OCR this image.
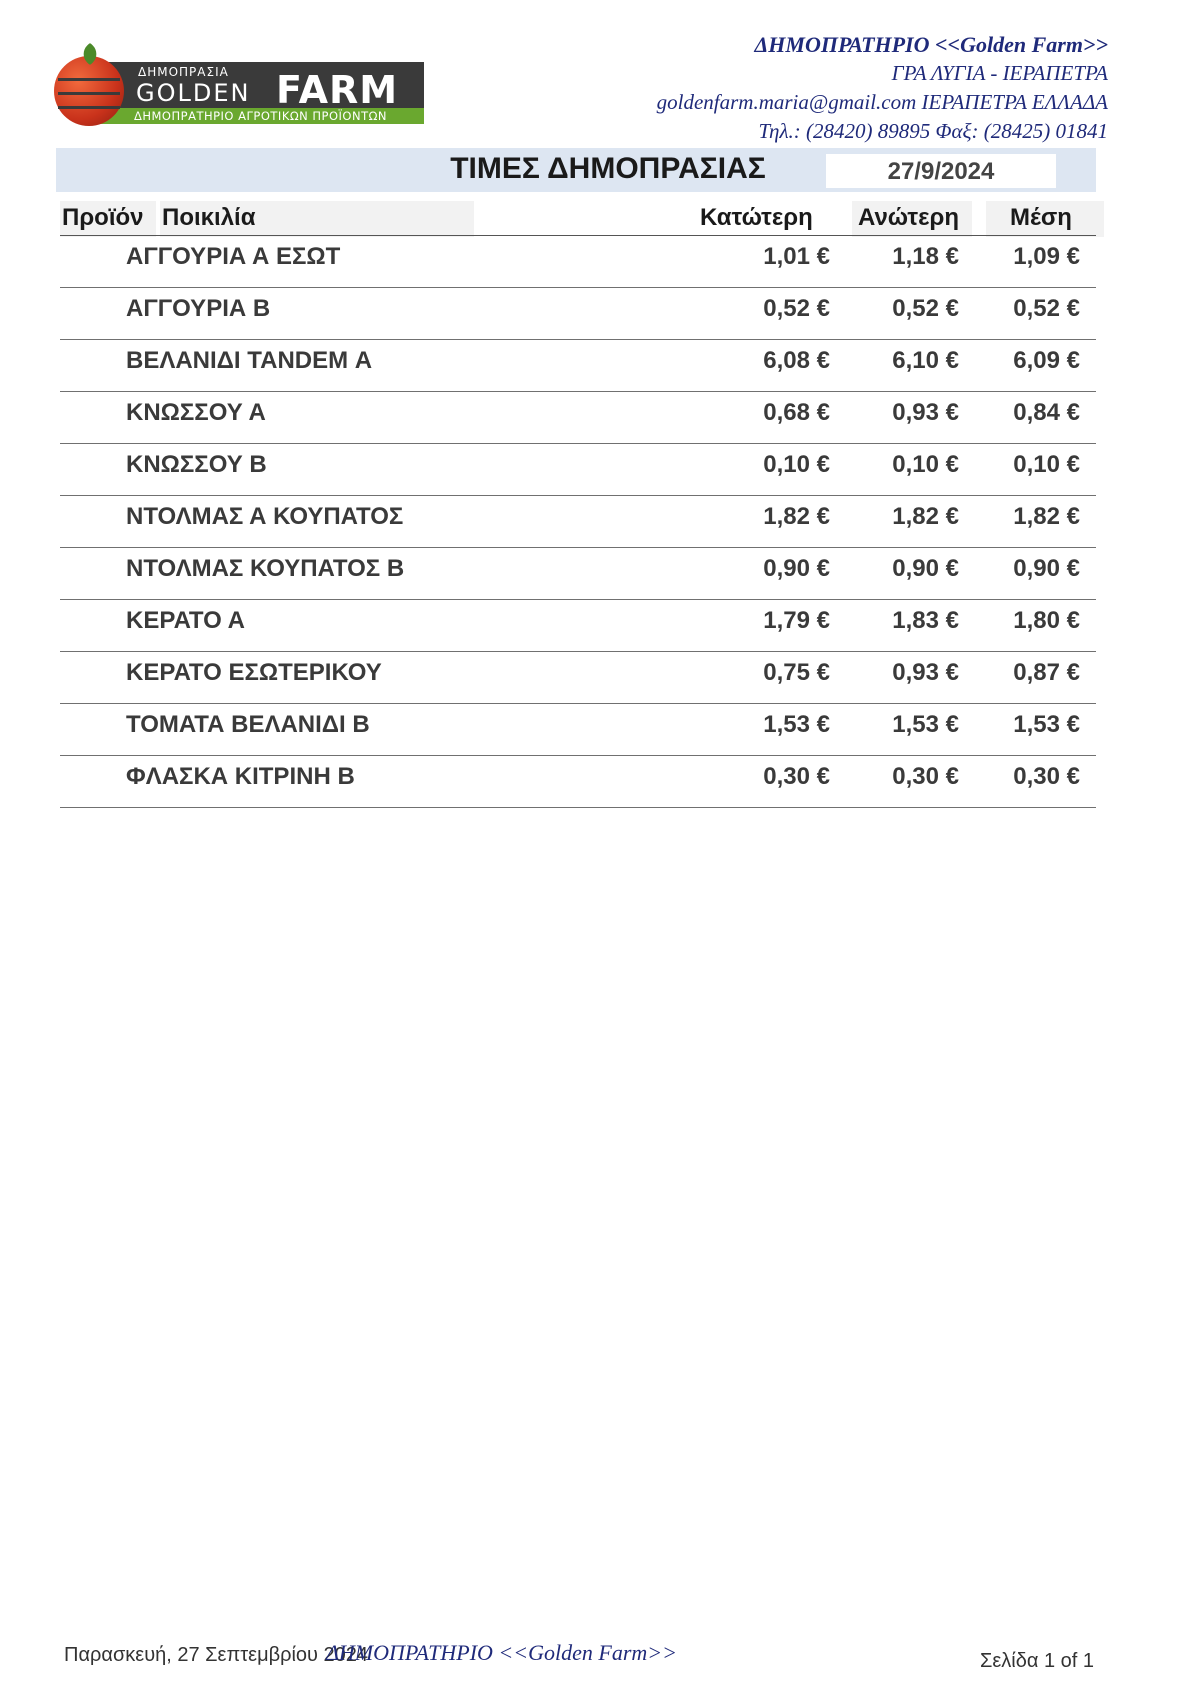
ΔΗΜΟΠΡΑΣΙΑ
GOLDEN FARM
ΔΗΜΟΠΡΑΤΗΡΙΟ ΑΓΡΟΤΙΚΩΝ ΠΡΟΪΟΝΤΩΝ
ΔΗΜΟΠΡΑΤΗΡΙΟ <<Golden Farm>>
ΓΡΑ ΛΥΓΙΑ - ΙΕΡΑΠΕΤΡΑ
goldenfarm.maria@gmail.com ΙΕΡΑΠΕΤΡΑ ΕΛΛΑΔΑ
Τηλ.: (28420) 89895 Φαξ: (28425) 01841
ΤΙΜΕΣ ΔΗΜΟΠΡΑΣΙΑΣ	27/9/2024
Προϊόν Ποικιλία	Κατώτερη Ανώτερη Μέση
ΑΓΓΟΥΡΙΑ Α ΕΣΩΤ	1,01 €	1,18 € 1,09 €
ΑΓΓΟΥΡΙΑ Β	0,52 €	0,52 € 0,52 €
ΒΕΛΑΝΙΔΙ ΤΑΝDEM Α	6,08 €	6,10 € 6,09 €
ΚΝΩΣΣΟΥ Α	0,68 €	0,93 € 0,84 €
ΚΝΩΣΣΟΥ Β	0,10 €	0,10 € 0,10 €
ΝΤΟΛΜΑΣ Α ΚΟΥΠΑΤΟΣ	1,82 €	1,82 € 1,82 €
ΝΤΟΛΜΑΣ ΚΟΥΠΑΤΟΣ Β	0,90 €	0,90 € 0,90 €
ΚΕΡΑΤΟ Α	1,79 €	1,83 € 1,80 €
ΚΕΡΑΤΟ ΕΣΩΤΕΡΙΚΟΥ	0,75 €	0,93 € 0,87 €
ΤΟΜΑΤΑ ΒΕΛΑΝΙΔΙ Β	1,53 €	1,53 € 1,53 €
ΦΛΑΣΚΑ ΚΙΤΡΙΝΗ Β	0,30 €	0,30 € 0,30 €
Παρασκευή, 27 Σεπτεμβρίου 2024
ΔΗΜΟΠΡΑΤΗΡΙΟ <<Golden Farm>>	Σελίδα 1 of 1
